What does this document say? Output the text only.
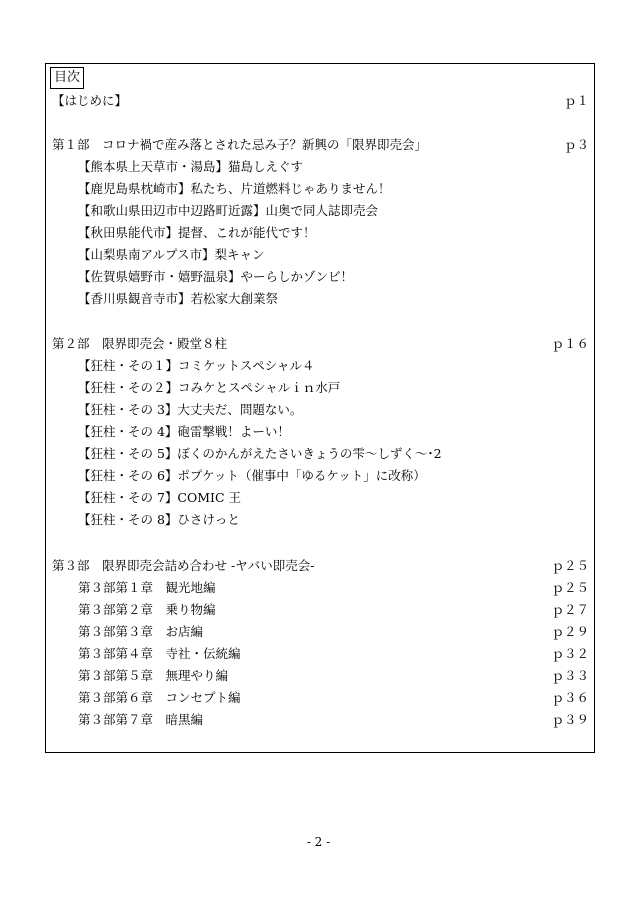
目次
【はじめに】	ｐ１
第１部　コロナ禍で産み落とされた忌み子？新興の「限界即売会」	ｐ３
【熊本県上天草市・湯島】猫島しえぐす
【鹿児島県枕崎市】私たち、片道燃料じゃありません！
【和歌山県田辺市中辺路町近露】山奥で同人誌即売会
【秋田県能代市】提督、これが能代です！
【山梨県南アルプス市】梨キャン
【佐賀県嬉野市・嬉野温泉】やーらしかゾンビ！
【香川県観音寺市】若松家大創業祭
第２部　限界即売会・殿堂８柱	ｐ１６
【狂柱・その１】コミケットスペシャル４
【狂柱・その２】コみケとスペシャルｉｎ水戸
【狂柱・その 3】大丈夫だ、問題ない。
【狂柱・その 4】砲雷撃戦！よーい！
【狂柱・その 5】ぼくのかんがえたさいきょうの雫〜しずく〜･2
【狂柱・その 6】ポプケット（催事中「ゆるケット」に改称）
【狂柱・その 7】COMIC 王
【狂柱・その 8】ひさけっと
第３部　限界即売会詰め合わせ -ヤバい即売会-	ｐ２５
第３部第１章　観光地編	ｐ２５
第３部第２章　乗り物編	ｐ２７
第３部第３章　お店編	ｐ２９
第３部第４章　寺社・伝統編	ｐ３２
第３部第５章　無理やり編	ｐ３３
第３部第６章　コンセプト編	ｐ３６
第３部第７章　暗黒編	ｐ３９
- 2 -
